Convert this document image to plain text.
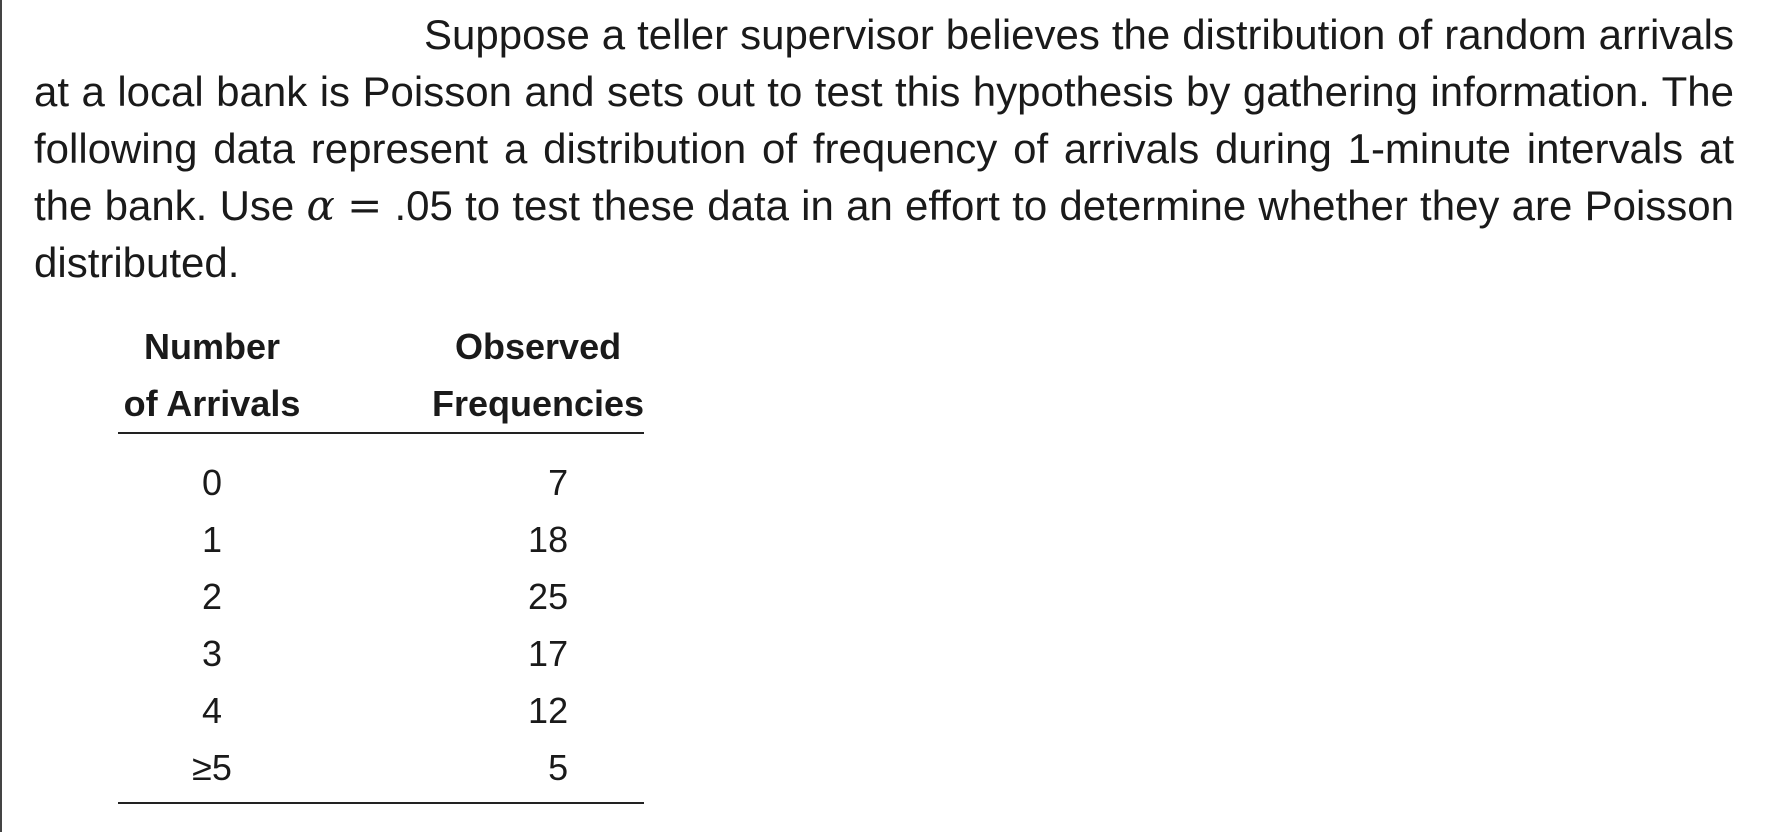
Suppose a teller supervisor believes the distribution of random arrivals at a local bank is Poisson and sets out to test this hypothesis by gathering information. The following data represent a distribution of frequency of arrivals during 1-minute intervals at the bank. Use α = .05 to test these data in an effort to determine whether they are Poisson distributed.

Number		Observed
of Arrivals		Frequencies
0		7
1		18
2		25
3		17
4		12
≥5		5
